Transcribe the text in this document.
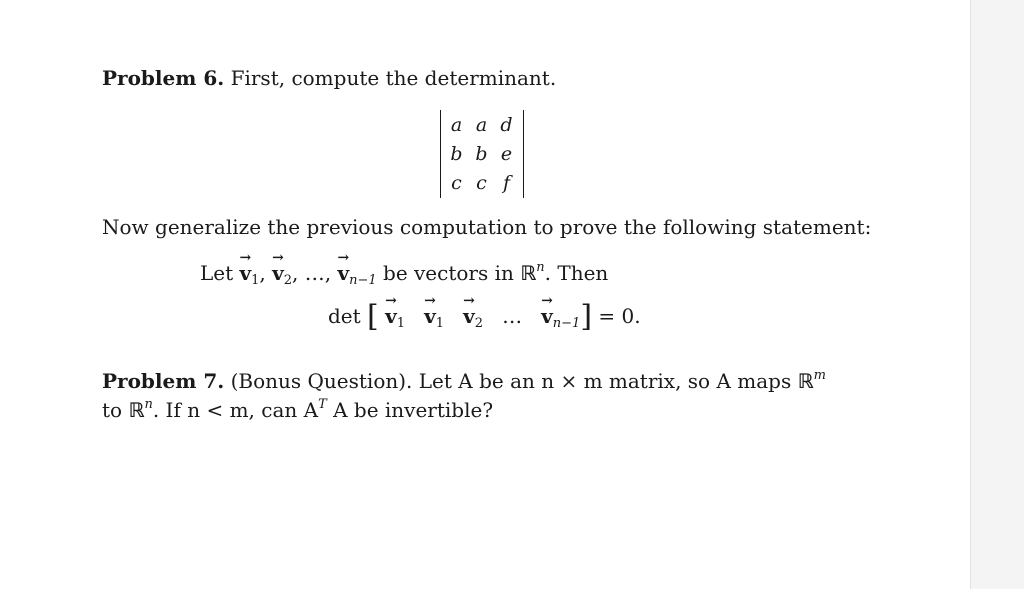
Problem 6. First, compute the determinant.
a	a	d
b	b	e
c	c	f
Now generalize the previous computation to prove the following statement:
Let → $v_1$, → $v_2$, …, → $v_{n-1}$ be vectors in ℝ$^n$. Then
det [ → $v_1 \to v_1 \to v_2$ … → $v_{n-1}] = 0$.
Problem 7. (Bonus Question). Let A be an n × m matrix, so A maps ℝ$^m$
to ℝ$^n$. If n < m, can $A^T$ A be invertible?
